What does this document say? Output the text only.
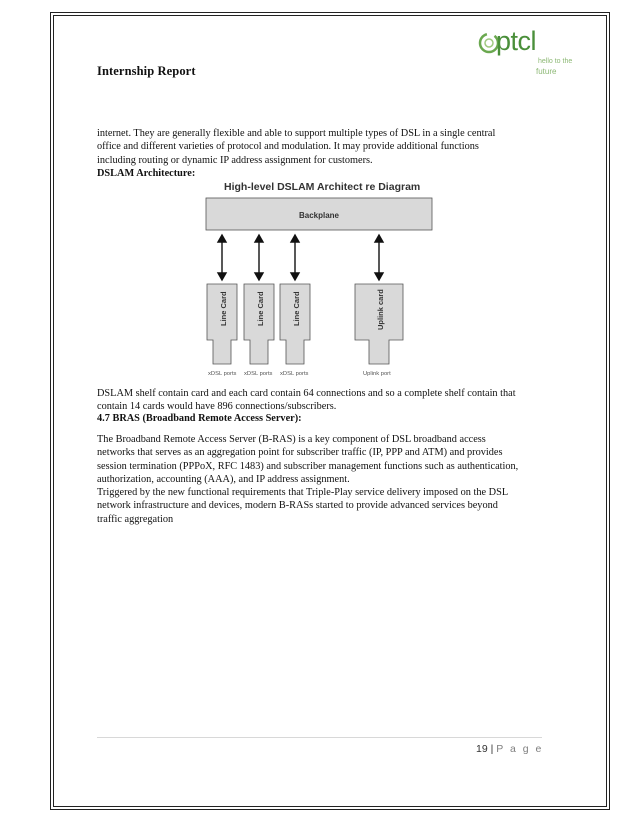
ptcl
hello to the
future
Internship Report

internet. They are generally flexible and able to support multiple types of DSL in a single central

office and different varieties of protocol and modulation. It may provide additional functions

including routing or dynamic IP address assignment for customers.

DSLAM Architecture:
High-level DSLAM Architect re Diagram
Backplane
Line Card	Line Card	Line Card	Uplink card
xDSL ports xDSL ports xDSL ports	Uplink port

DSLAM shelf contain card and each card contain 64 connections and so a complete shelf contain that

contain 14 cards would have 896 connections/subscribers.

4.7 BRAS (Broadband Remote Access Server):

The Broadband Remote Access Server (B-RAS) is a key component of DSL broadband access

networks that serves as an aggregation point for subscriber traffic (IP, PPP and ATM) and provides

session termination (PPPoX, RFC 1483) and subscriber management functions such as authentication,

authorization, accounting (AAA), and IP address assignment.

Triggered by the new functional requirements that Triple-Play service delivery imposed on the DSL

network infrastructure and devices, modern B-RASs started to provide advanced services beyond

traffic aggregation

19 | P a g e
